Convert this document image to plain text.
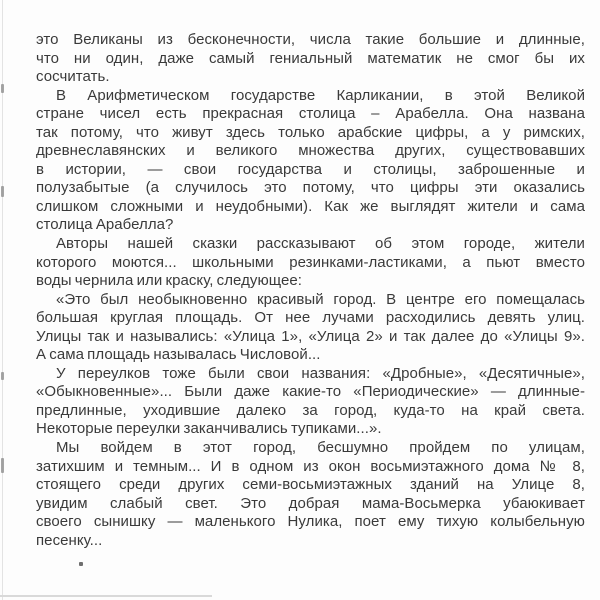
это Великаны из бесконечности, числа такие большие и длинные,
что ни один, даже самый гениальный математик не смог бы их
сосчитать.
В Арифметическом государстве Карликании, в этой Великой
стране чисел есть прекрасная столица – Арабелла. Она названа
так потому, что живут здесь только арабские цифры, а у римских,
древнеславянских и великого множества других, существовавших
в истории, — свои государства и столицы, заброшенные и
полузабытые (а случилось это потому, что цифры эти оказались
слишком сложными и неудобными). Как же выглядят жители и сама
столица Арабелла?
Авторы нашей сказки рассказывают об этом городе, жители
которого моются... школьными резинками-ластиками, а пьют вместо
воды чернила или краску, следующее:
«Это был необыкновенно красивый город. В центре его помещалась
большая круглая площадь. От нее лучами расходились девять улиц.
Улицы так и назывались: «Улица 1», «Улица 2» и так далее до «Улицы 9».
А сама площадь называлась Числовой...
У переулков тоже были свои названия: «Дробные», «Десятичные»,
«Обыкновенные»... Были даже какие-то «Периодические» — длинные-
предлинные, уходившие далеко за город, куда-то на край света.
Некоторые переулки заканчивались тупиками...».
Мы войдем в этот город, бесшумно пройдем по улицам,
затихшим и темным... И в одном из окон восьмиэтажного дома № 8,
стоящего среди других семи-восьмиэтажных зданий на Улице 8,
увидим слабый свет. Это добрая мама-Восьмерка убаюкивает
своего сынишку — маленького Нулика, поет ему тихую колыбельную
песенку...
